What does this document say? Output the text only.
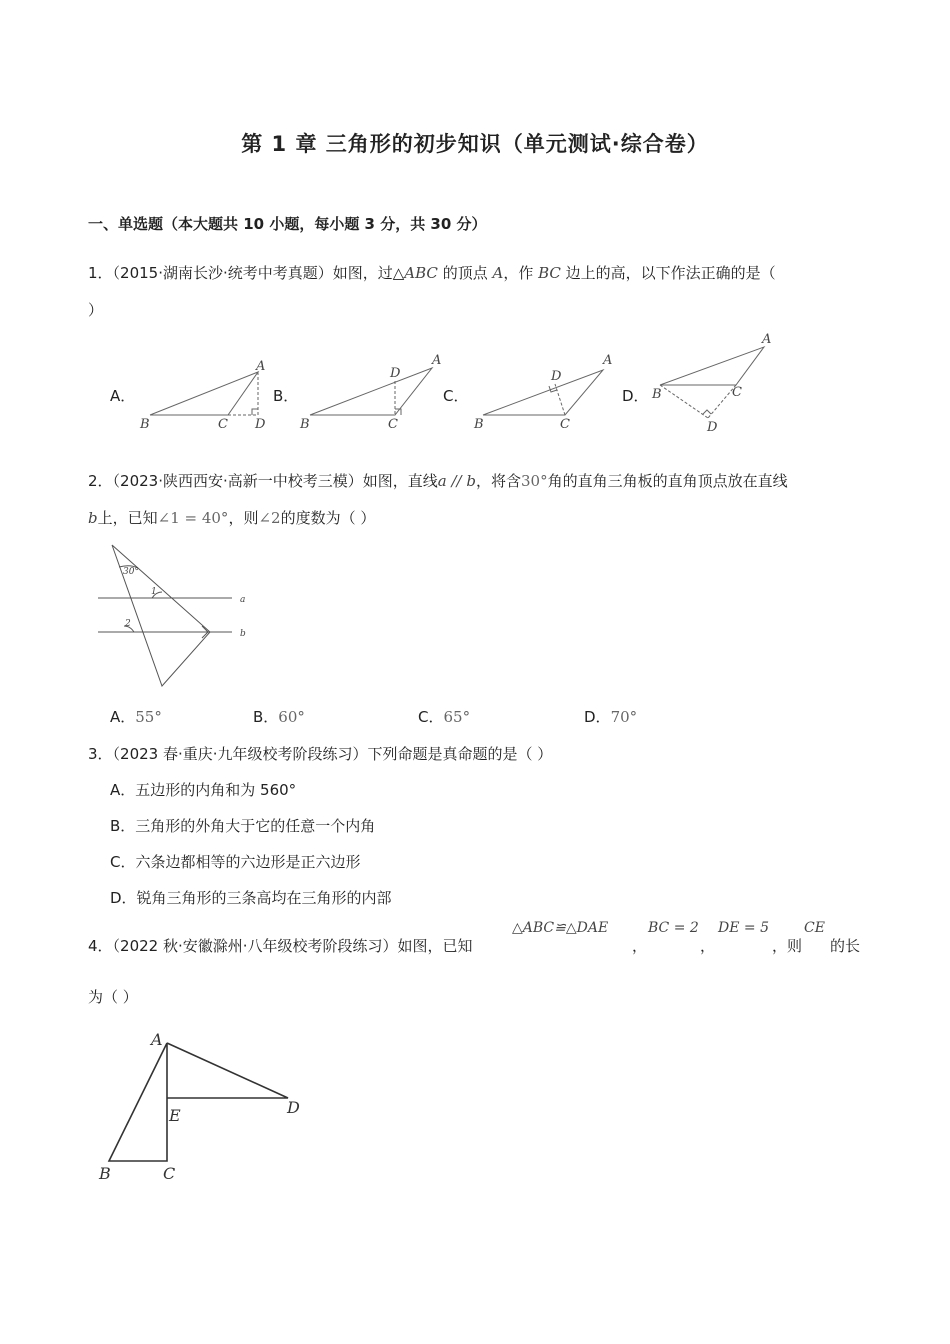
第 1 章 三角形的初步知识（单元测试·综合卷）
一、单选题（本大题共 10 小题，每小题 3 分，共 30 分）
1．（2015·湖南长沙·统考中考真题）如图，过△ABC 的顶点 A，作 BC 边上的高，以下作法正确的是（
）
A．	B．	C．	D．
A
B	C D
A
B	C
D
A
B	C
D
A
B	C
D
2．（2023·陕西西安·高新一中校考三模）如图，直线a // b，将含30°角的直角三角板的直角顶点放在直线
b上，已知∠1 = 40°，则∠2的度数为（ ）
30°
1
2
a
b
A．55°	B．60°	C．65°	D．70°
3．（2023 春·重庆·九年级校考阶段练习）下列命题是真命题的是（ ）
A．五边形的内角和为 560°
B．三角形的外角大于它的任意一个内角
C．六条边都相等的六边形是正六边形
D．锐角三角形的三条高均在三角形的内部
4．（2022 秋·安徽滁州·八年级校考阶段练习）如图，已知
△ABC≌△DAE
，
BC = 2
，
DE = 5
，则
CE
的长
为（ ）
A
B	C
D
E
